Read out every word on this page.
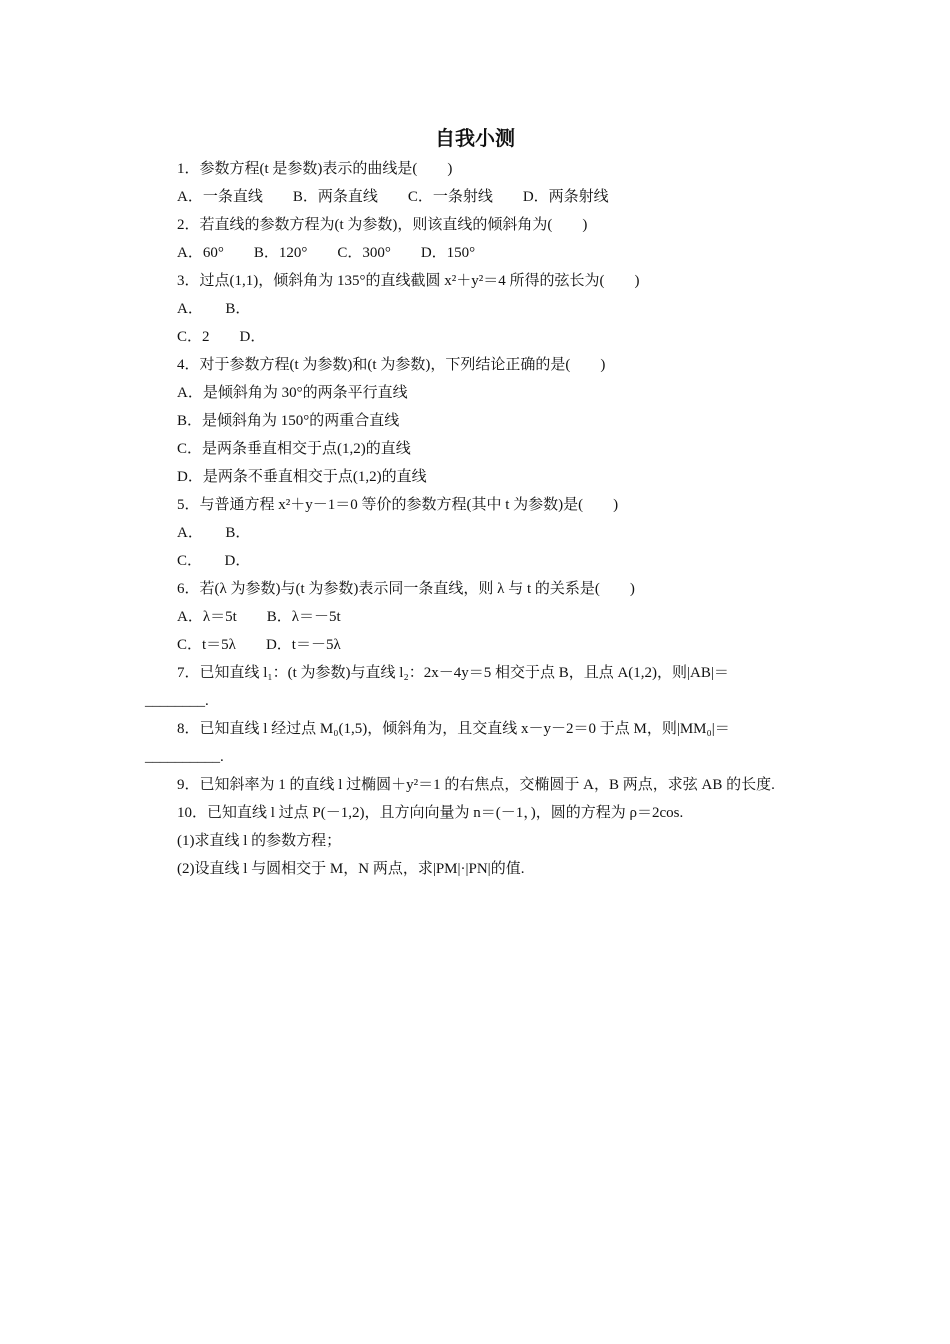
自我小测
1．参数方程(t 是参数)表示的曲线是(　　)
A．一条直线　　B．两条直线　　C．一条射线　　D．两条射线
2．若直线的参数方程为(t 为参数)，则该直线的倾斜角为(　　)
A．60°　　B．120°　　C．300°　　D．150°
3．过点(1,1)，倾斜角为 135°的直线截圆 x²＋y²＝4 所得的弦长为(　　)
A．　　B．
C．2　　D．
4．对于参数方程(t 为参数)和(t 为参数)，下列结论正确的是(　　)
A．是倾斜角为 30°的两条平行直线
B．是倾斜角为 150°的两重合直线
C．是两条垂直相交于点(1,2)的直线
D．是两条不垂直相交于点(1,2)的直线
5．与普通方程 x²＋y－1＝0 等价的参数方程(其中 t 为参数)是(　　)
A．　　B．
C．　　D．
6．若(λ 为参数)与(t 为参数)表示同一条直线，则 λ 与 t 的关系是(　　)
A．λ＝5t　　B．λ＝－5t
C．t＝5λ　　D．t＝－5λ
7．已知直线 l₁：(t 为参数)与直线 l₂：2x－4y＝5 相交于点 B，且点 A(1,2)，则|AB|＝
________.
8．已知直线 l 经过点 M₀(1,5)，倾斜角为，且交直线 x－y－2＝0 于点 M，则|MM₀|＝
__________.
9．已知斜率为 1 的直线 l 过椭圆＋y²＝1 的右焦点，交椭圆于 A，B 两点，求弦 AB 的长度.
10．已知直线 l 过点 P(－1,2)，且方向向量为 n＝(－1，)，圆的方程为 ρ＝2cos.
(1)求直线 l 的参数方程；
(2)设直线 l 与圆相交于 M，N 两点，求|PM|·|PN|的值.
